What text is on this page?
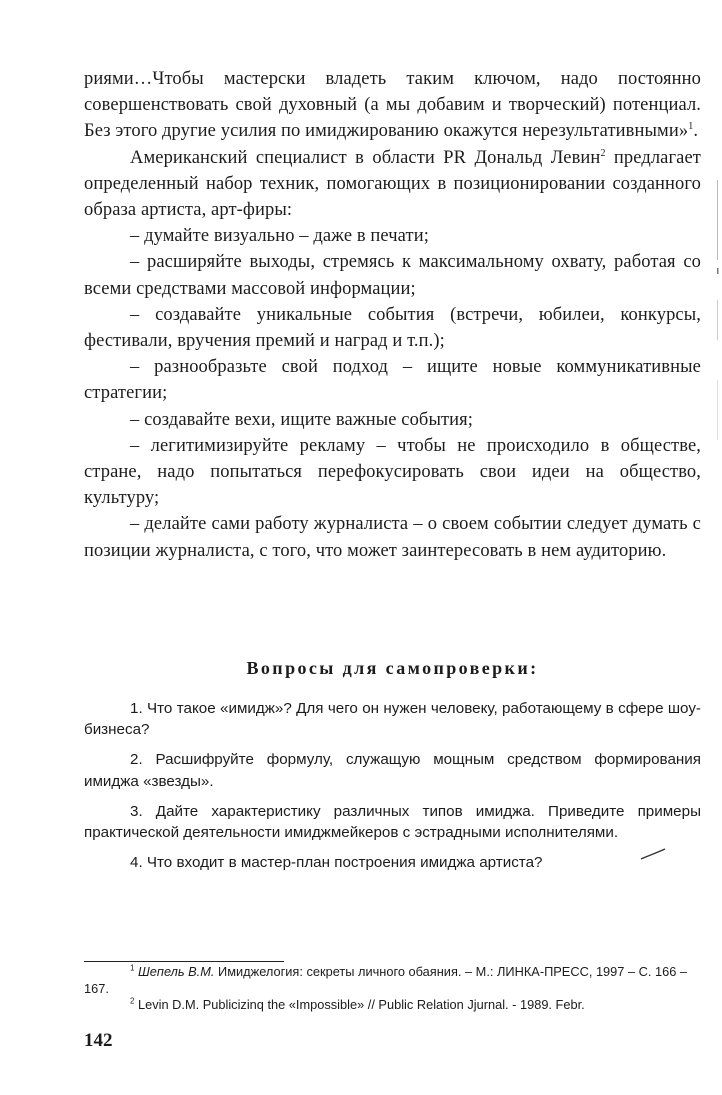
риями…Чтобы мастерски владеть таким ключом, надо постоянно совершенствовать свой духовный (а мы добавим и творческий) потенциал. Без этого другие усилия по имиджированию окажутся нерезультативными»$^1$.

Американский специалист в области PR Дональд Левин$^2$ предлагает определенный набор техник, помогающих в позиционировании созданного образа артиста, арт-фиры:

– думайте визуально – даже в печати;

– расширяйте выходы, стремясь к максимальному охвату, работая со всеми средствами массовой информации;

– создавайте уникальные события (встречи, юбилеи, конкурсы, фестивали, вручения премий и наград и т.п.);

– разнообразьте свой подход – ищите новые коммуникативные стратегии;

– создавайте вехи, ищите важные события;

– легитимизируйте рекламу – чтобы не происходило в обществе, стране, надо попытаться перефокусировать свои идеи на общество, культуру;

– делайте сами работу журналиста – о своем событии следует думать с позиции журналиста, с того, что может заинтересовать в нем аудиторию.

Вопросы для самопроверки:

1. Что такое «имидж»? Для чего он нужен человеку, работающему в сфере шоу-бизнеса?

2. Расшифруйте формулу, служащую мощным средством формирования имиджа «звезды».

3. Дайте характеристику различных типов имиджа. Приведите примеры практической деятельности имиджмейкеров с эстрадными исполнителями.

4. Что входит в мастер-план построения имиджа артиста?

$^1$ Шепель В.М. Имиджелогия: секреты личного обаяния. – М.: ЛИНКА-ПРЕСС, 1997 – С. 166 – 167.

$^2$ Levin D.M. Publicizinq the «Impossible» // Public Relation Jjurnal. - 1989. Febr.

142
